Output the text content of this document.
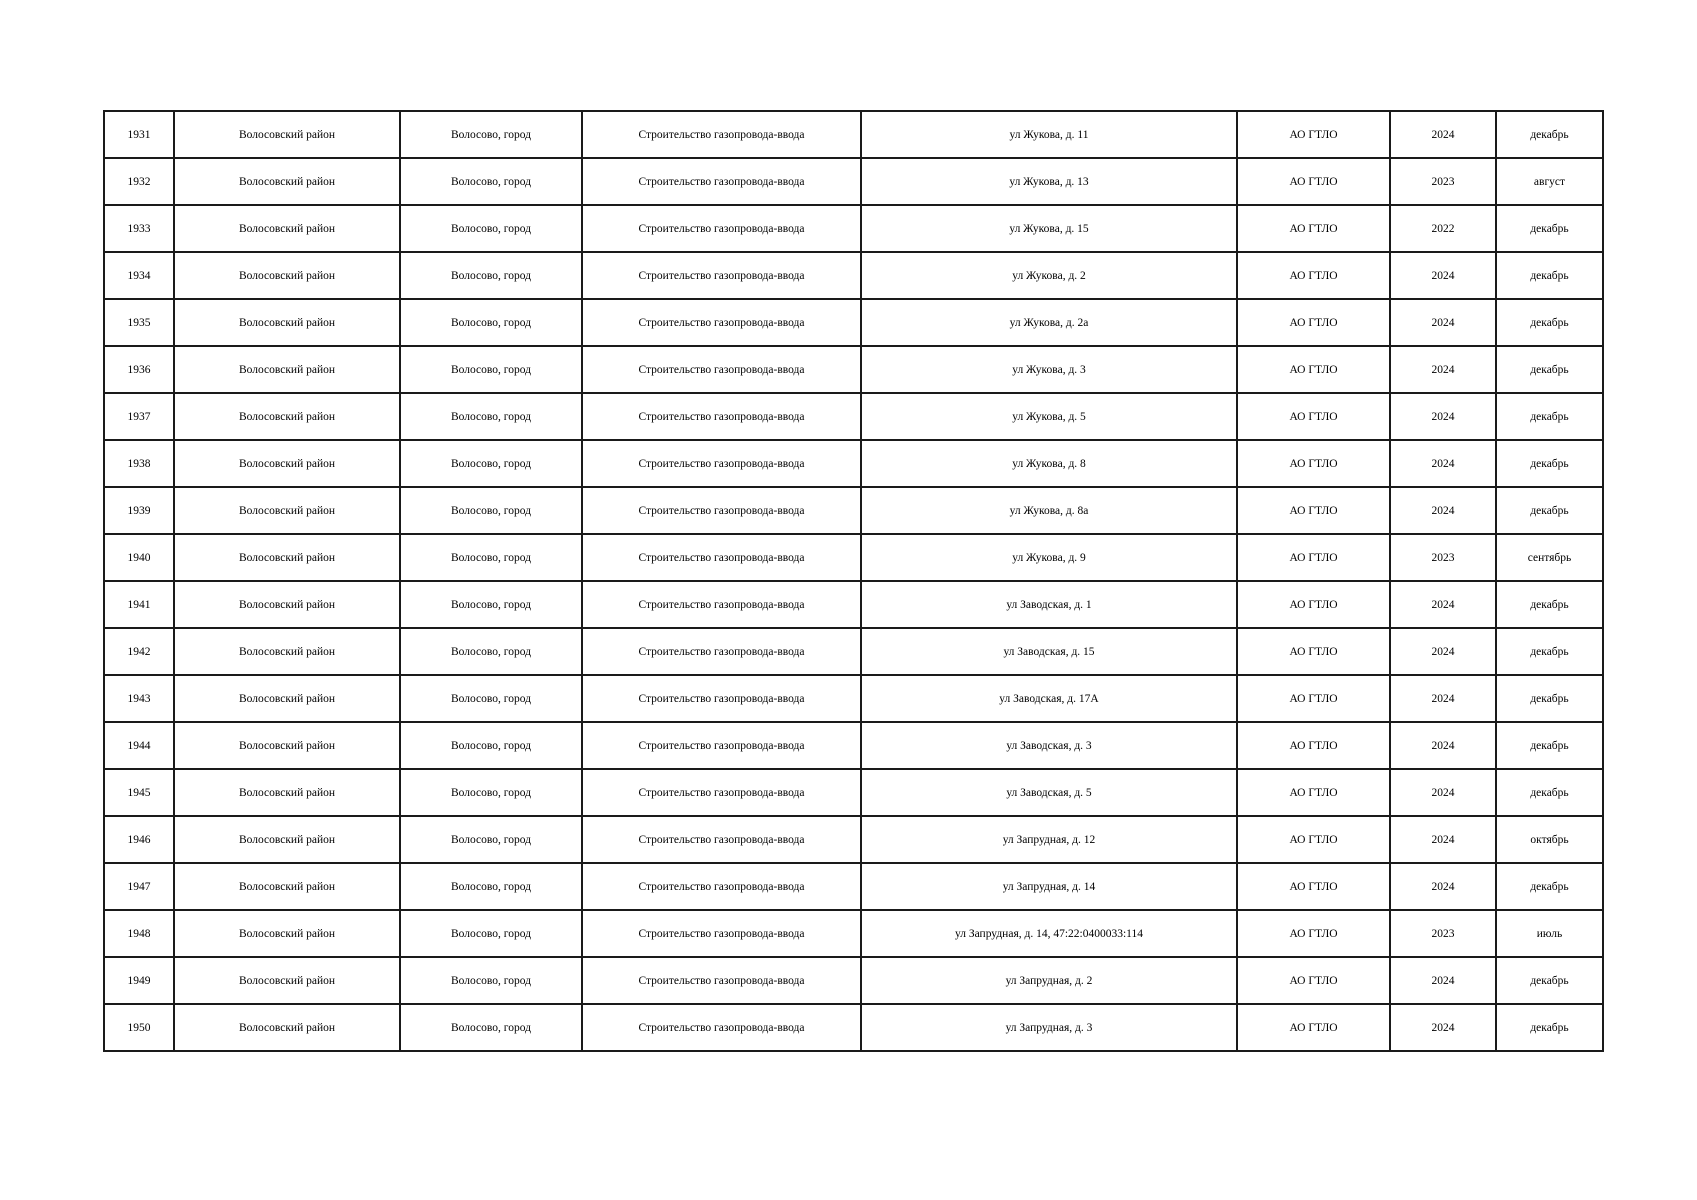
1931	Волосовский район	Волосово, город	Строительство газопровода-ввода	ул Жукова, д. 11	АО ГТЛО	2024	декабрь
1932	Волосовский район	Волосово, город	Строительство газопровода-ввода	ул Жукова, д. 13	АО ГТЛО	2023	август
1933	Волосовский район	Волосово, город	Строительство газопровода-ввода	ул Жукова, д. 15	АО ГТЛО	2022	декабрь
1934	Волосовский район	Волосово, город	Строительство газопровода-ввода	ул Жукова, д. 2	АО ГТЛО	2024	декабрь
1935	Волосовский район	Волосово, город	Строительство газопровода-ввода	ул Жукова, д. 2а	АО ГТЛО	2024	декабрь
1936	Волосовский район	Волосово, город	Строительство газопровода-ввода	ул Жукова, д. 3	АО ГТЛО	2024	декабрь
1937	Волосовский район	Волосово, город	Строительство газопровода-ввода	ул Жукова, д. 5	АО ГТЛО	2024	декабрь
1938	Волосовский район	Волосово, город	Строительство газопровода-ввода	ул Жукова, д. 8	АО ГТЛО	2024	декабрь
1939	Волосовский район	Волосово, город	Строительство газопровода-ввода	ул Жукова, д. 8а	АО ГТЛО	2024	декабрь
1940	Волосовский район	Волосово, город	Строительство газопровода-ввода	ул Жукова, д. 9	АО ГТЛО	2023	сентябрь
1941	Волосовский район	Волосово, город	Строительство газопровода-ввода	ул Заводская, д. 1	АО ГТЛО	2024	декабрь
1942	Волосовский район	Волосово, город	Строительство газопровода-ввода	ул Заводская, д. 15	АО ГТЛО	2024	декабрь
1943	Волосовский район	Волосово, город	Строительство газопровода-ввода	ул Заводская, д. 17А	АО ГТЛО	2024	декабрь
1944	Волосовский район	Волосово, город	Строительство газопровода-ввода	ул Заводская, д. 3	АО ГТЛО	2024	декабрь
1945	Волосовский район	Волосово, город	Строительство газопровода-ввода	ул Заводская, д. 5	АО ГТЛО	2024	декабрь
1946	Волосовский район	Волосово, город	Строительство газопровода-ввода	ул Запрудная, д. 12	АО ГТЛО	2024	октябрь
1947	Волосовский район	Волосово, город	Строительство газопровода-ввода	ул Запрудная, д. 14	АО ГТЛО	2024	декабрь
1948	Волосовский район	Волосово, город	Строительство газопровода-ввода	ул Запрудная, д. 14, 47:22:0400033:114	АО ГТЛО	2023	июль
1949	Волосовский район	Волосово, город	Строительство газопровода-ввода	ул Запрудная, д. 2	АО ГТЛО	2024	декабрь
1950	Волосовский район	Волосово, город	Строительство газопровода-ввода	ул Запрудная, д. 3	АО ГТЛО	2024	декабрь
